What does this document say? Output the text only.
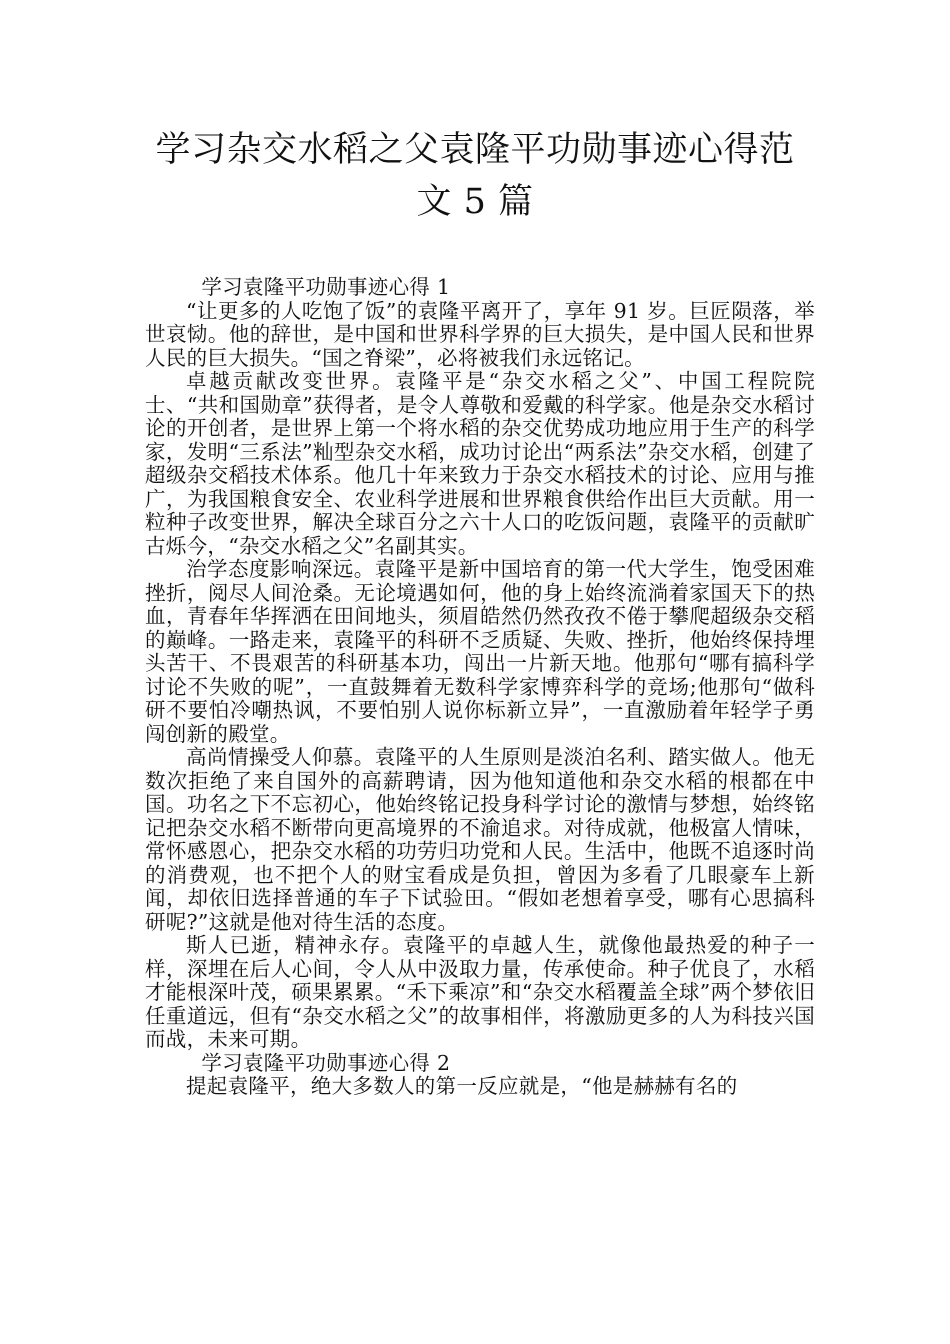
学习杂交水稻之父袁隆平功勋事迹心得范
文 5 篇

学习袁隆平功勋事迹心得 1

“让更多的人吃饱了饭”的袁隆平离开了，享年 91 岁。巨匠陨落，举世哀恸。他的辞世，是中国和世界科学界的巨大损失，是中国人民和世界人民的巨大损失。“国之脊梁”，必将被我们永远铭记。

卓越贡献改变世界。袁隆平是“杂交水稻之父”、中国工程院院士、“共和国勋章”获得者，是令人尊敬和爱戴的科学家。他是杂交水稻讨论的开创者，是世界上第一个将水稻的杂交优势成功地应用于生产的科学家，发明“三系法”籼型杂交水稻，成功讨论出“两系法”杂交水稻，创建了超级杂交稻技术体系。他几十年来致力于杂交水稻技术的讨论、应用与推广，为我国粮食安全、农业科学进展和世界粮食供给作出巨大贡献。用一粒种子改变世界，解决全球百分之六十人口的吃饭问题，袁隆平的贡献旷古烁今，“杂交水稻之父”名副其实。

治学态度影响深远。袁隆平是新中国培育的第一代大学生，饱受困难挫折，阅尽人间沧桑。无论境遇如何，他的身上始终流淌着家国天下的热血，青春年华挥洒在田间地头，须眉皓然仍然孜孜不倦于攀爬超级杂交稻的巅峰。一路走来，袁隆平的科研不乏质疑、失败、挫折，他始终保持埋头苦干、不畏艰苦的科研基本功，闯出一片新天地。他那句“哪有搞科学讨论不失败的呢”，一直鼓舞着无数科学家博弈科学的竞场;他那句“做科研不要怕冷嘲热讽，不要怕别人说你标新立异”，一直激励着年轻学子勇闯创新的殿堂。

高尚情操受人仰慕。袁隆平的人生原则是淡泊名利、踏实做人。他无数次拒绝了来自国外的高薪聘请，因为他知道他和杂交水稻的根都在中国。功名之下不忘初心，他始终铭记投身科学讨论的激情与梦想，始终铭记把杂交水稻不断带向更高境界的不渝追求。对待成就，他极富人情味，常怀感恩心，把杂交水稻的功劳归功党和人民。生活中，他既不追逐时尚的消费观，也不把个人的财宝看成是负担，曾因为多看了几眼豪车上新闻，却依旧选择普通的车子下试验田。“假如老想着享受，哪有心思搞科研呢?”这就是他对待生活的态度。

斯人已逝，精神永存。袁隆平的卓越人生，就像他最热爱的种子一样，深埋在后人心间，令人从中汲取力量，传承使命。种子优良了，水稻才能根深叶茂，硕果累累。“禾下乘凉”和“杂交水稻覆盖全球”两个梦依旧任重道远，但有“杂交水稻之父”的故事相伴，将激励更多的人为科技兴国而战，未来可期。

学习袁隆平功勋事迹心得 2

提起袁隆平，绝大多数人的第一反应就是，“他是赫赫有名的
